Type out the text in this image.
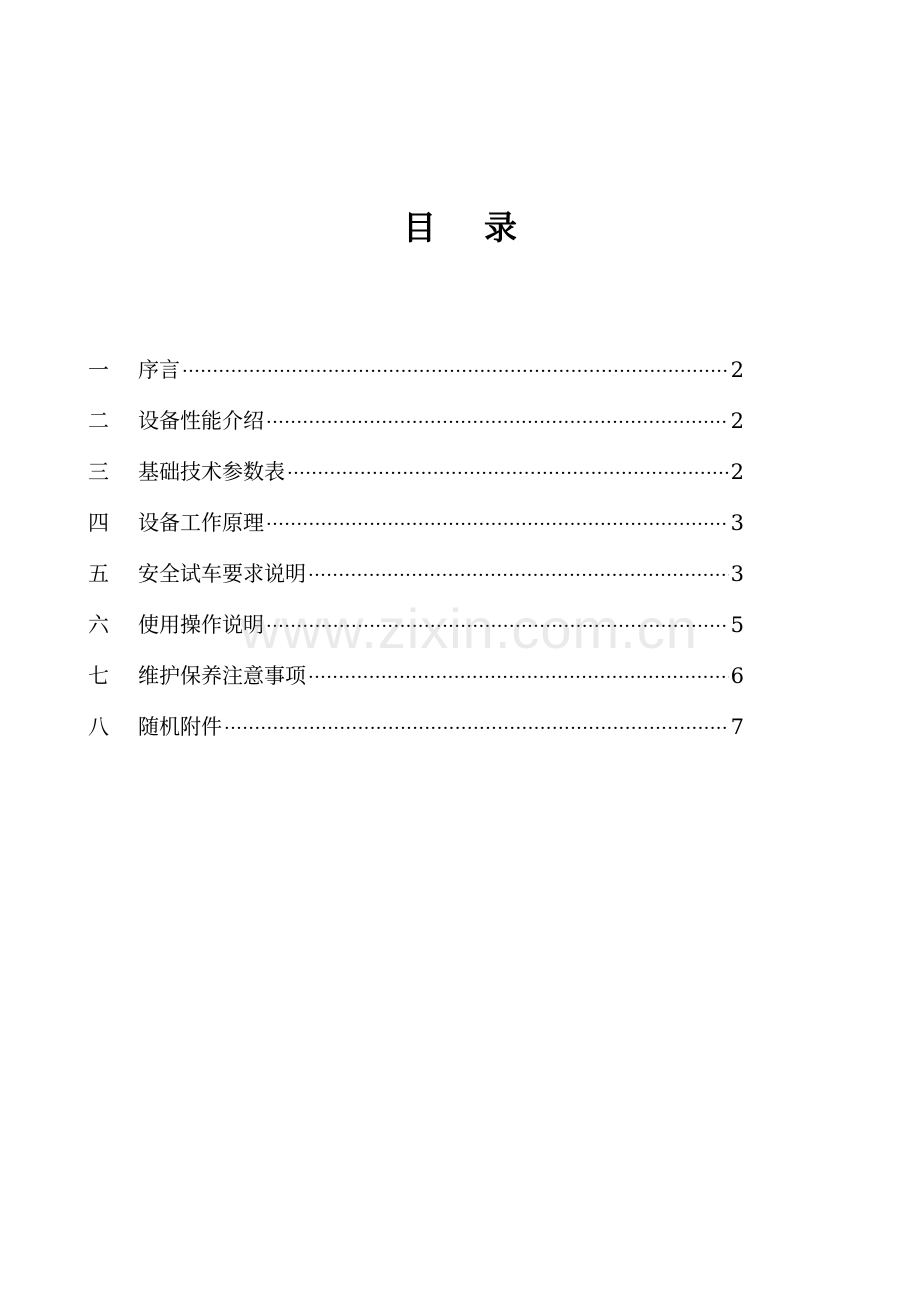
目 录
一	序言 ·····	2
二	设备性能介绍 ·····	2
三	基础技术参数表 ·····	2
四	设备工作原理 ·····	3
五	安全试车要求说明 ·····	3
六	使用操作说明 ·····	5
七	维护保养注意事项 ·····	6
八	随机附件 ·····	7
www.zixin.com.cn
